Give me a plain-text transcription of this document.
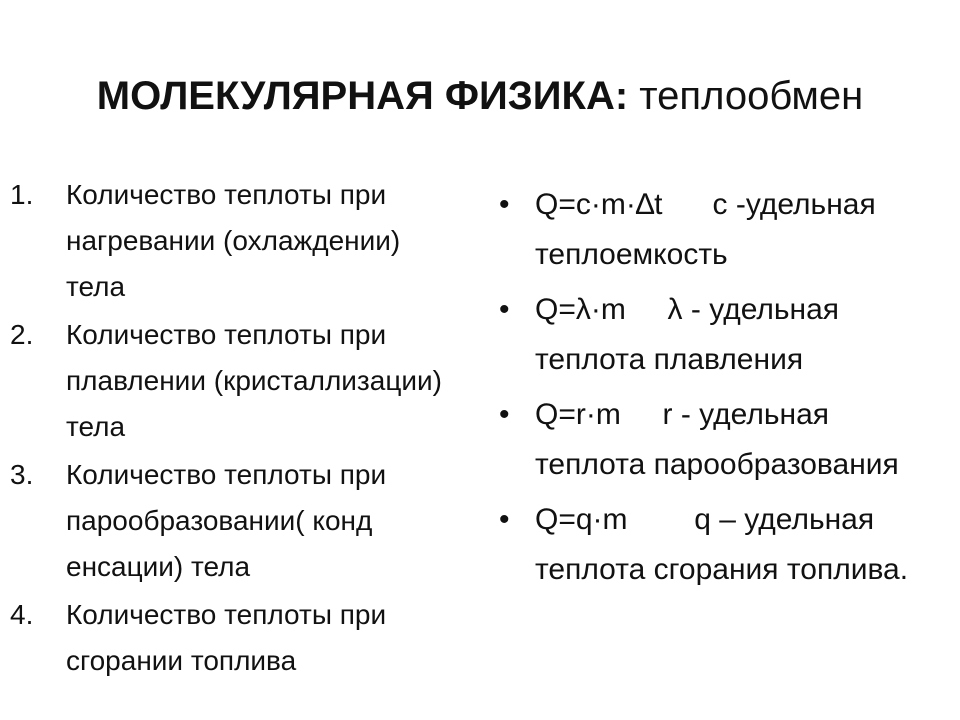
МОЛЕКУЛЯРНАЯ ФИЗИКА: теплообмен
1. Количество теплоты при нагревании (охлаждении) тела
2. Количество теплоты при плавлении (кристаллизации) тела
3. Количество теплоты при парообразовании( конд енсации) тела
4. Количество теплоты при сгорании топлива
• Q=c·m·∆t c -удельная теплоемкость
• Q=λ·m λ - удельная теплота плавления
• Q=r·m r - удельная теплота парообразования
• Q=q·m q – удельная теплота сгорания топлива.
